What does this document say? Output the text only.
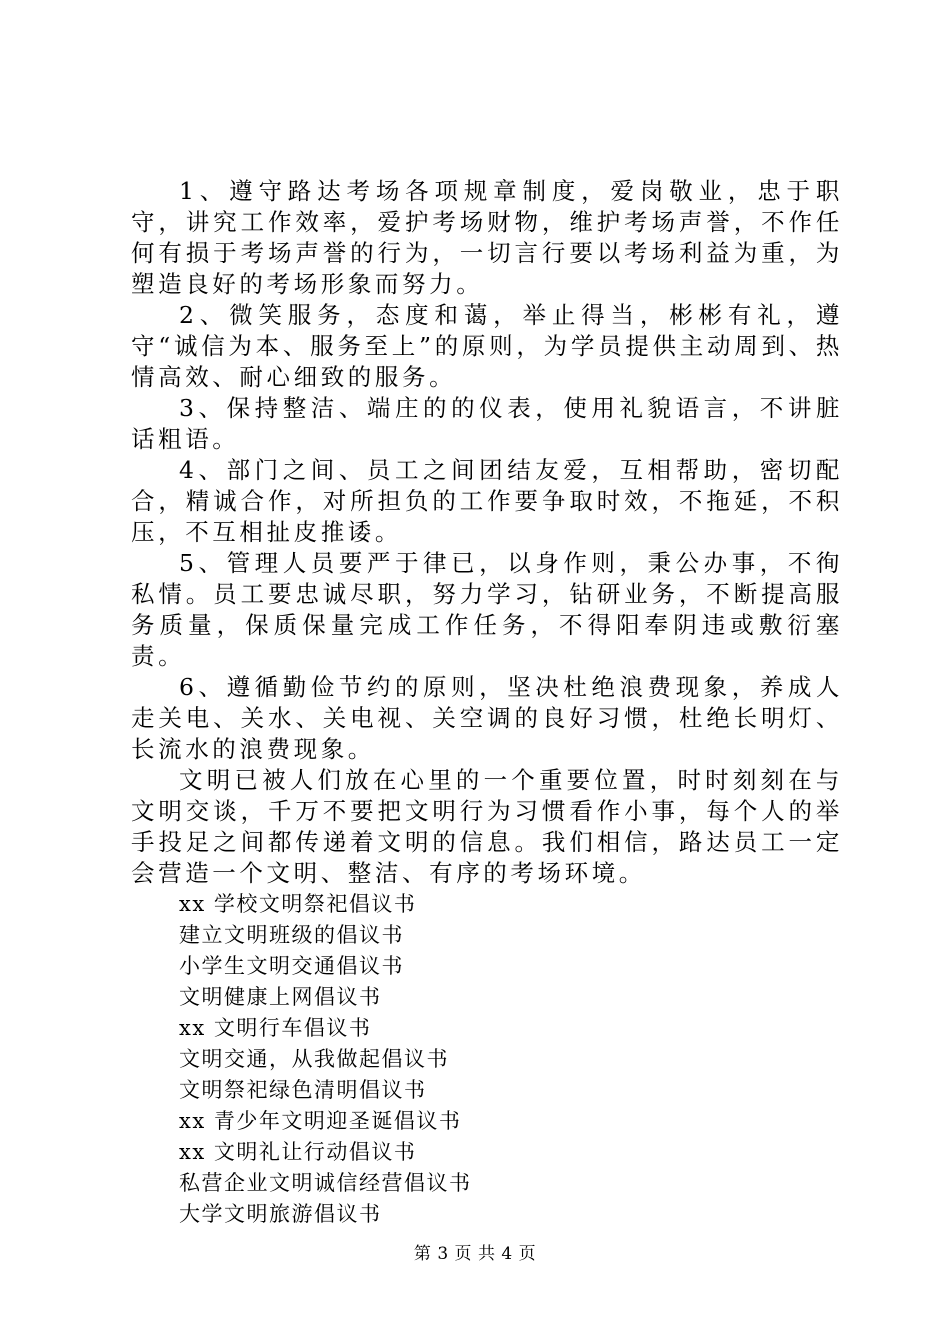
1、遵守路达考场各项规章制度，爱岗敬业，忠于职守，讲究工作效率，爱护考场财物，维护考场声誉，不作任何有损于考场声誉的行为，一切言行要以考场利益为重，为塑造良好的考场形象而努力。

2、微笑服务，态度和蔼，举止得当，彬彬有礼，遵守“诚信为本、服务至上”的原则，为学员提供主动周到、热情高效、耐心细致的服务。

3、保持整洁、端庄的的仪表，使用礼貌语言，不讲脏话粗语。

4、部门之间、员工之间团结友爱，互相帮助，密切配合，精诚合作，对所担负的工作要争取时效，不拖延，不积压，不互相扯皮推诿。

5、管理人员要严于律已，以身作则，秉公办事，不徇私情。员工要忠诚尽职，努力学习，钻研业务，不断提高服务质量，保质保量完成工作任务，不得阳奉阴违或敷衍塞责。

6、遵循勤俭节约的原则，坚决杜绝浪费现象，养成人走关电、关水、关电视、关空调的良好习惯，杜绝长明灯、长流水的浪费现象。

文明已被人们放在心里的一个重要位置，时时刻刻在与文明交谈，千万不要把文明行为习惯看作小事，每个人的举手投足之间都传递着文明的信息。我们相信，路达员工一定会营造一个文明、整洁、有序的考场环境。

xx 学校文明祭祀倡议书
建立文明班级的倡议书
小学生文明交通倡议书
文明健康上网倡议书
xx 文明行车倡议书
文明交通，从我做起倡议书
文明祭祀绿色清明倡议书
xx 青少年文明迎圣诞倡议书
xx 文明礼让行动倡议书
私营企业文明诚信经营倡议书
大学文明旅游倡议书
第 3 页 共 4 页
